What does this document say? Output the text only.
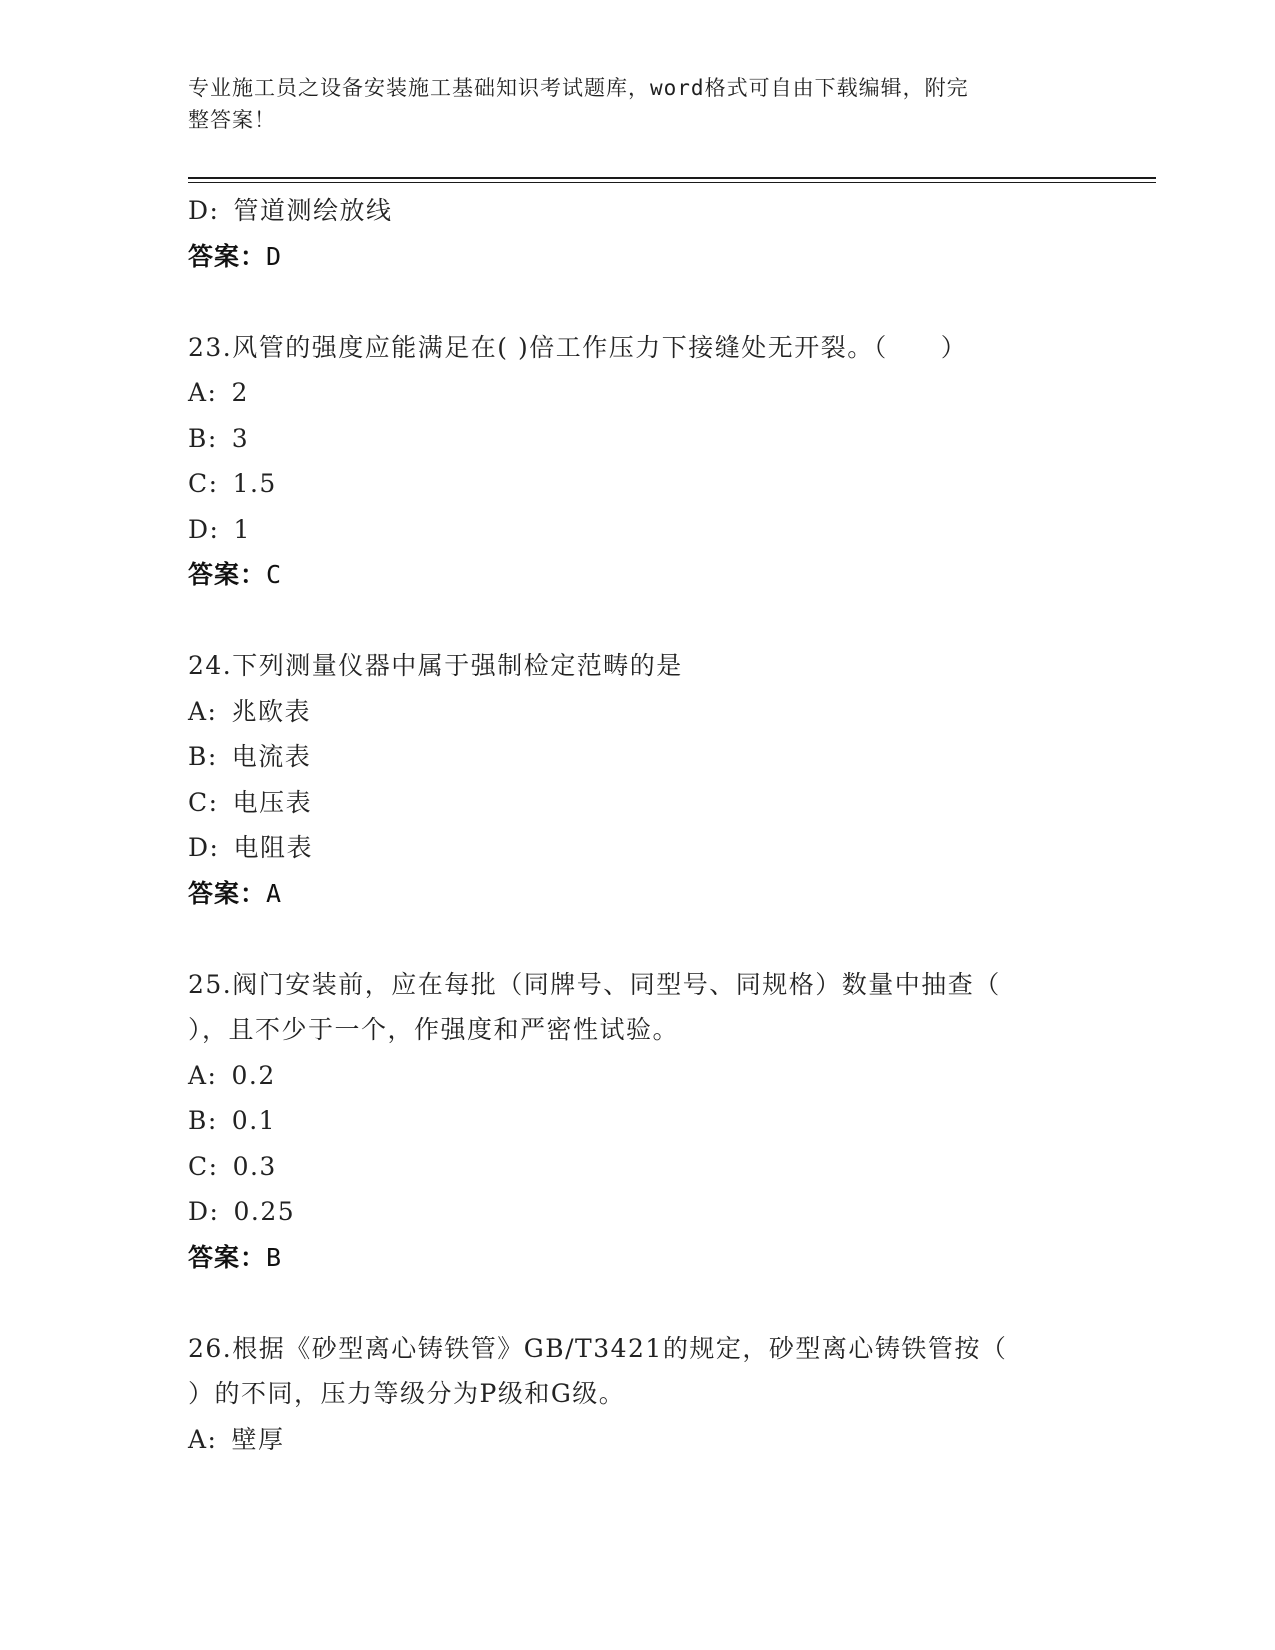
专业施工员之设备安装施工基础知识考试题库，word格式可自由下载编辑，附完
整答案！
D: 管道测绘放线
答案：D
23.风管的强度应能满足在( )倍工作压力下接缝处无开裂。（　　）
A: 2
B: 3
C: 1.5
D: 1
答案：C
24.下列测量仪器中属于强制检定范畴的是
A: 兆欧表
B: 电流表
C: 电压表
D: 电阻表
答案：A
25.阀门安装前，应在每批（同牌号、同型号、同规格）数量中抽查（
），且不少于一个，作强度和严密性试验。
A: 0.2
B: 0.1
C: 0.3
D: 0.25
答案：B
26.根据《砂型离心铸铁管》GB/T3421的规定，砂型离心铸铁管按（
）的不同，压力等级分为P级和G级。
A: 壁厚
